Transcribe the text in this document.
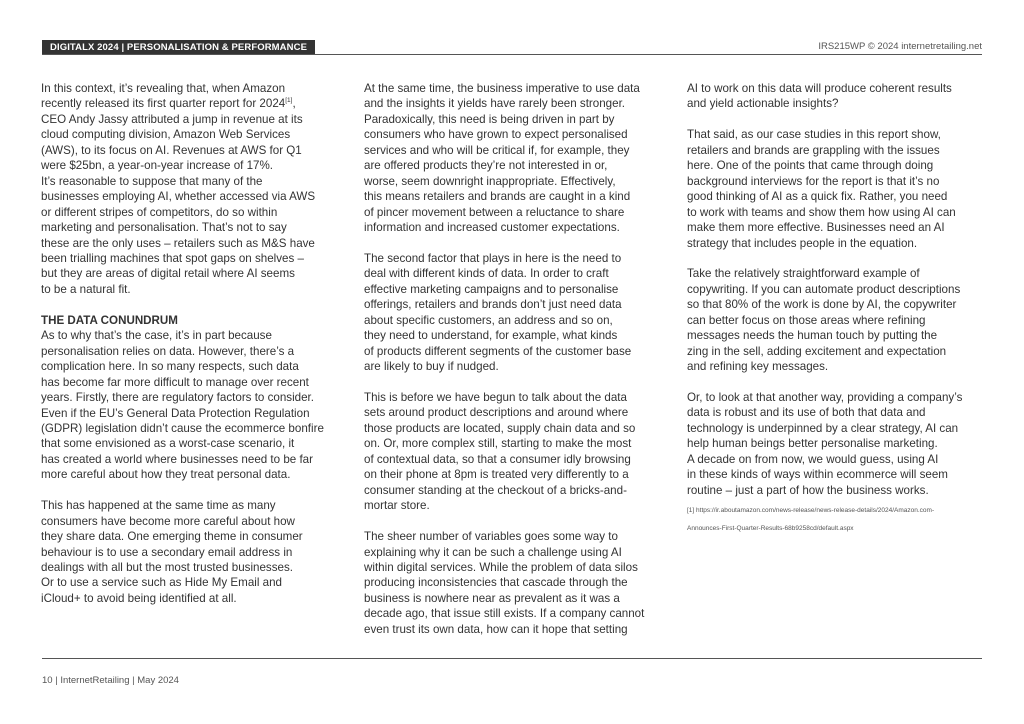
DIGITALX 2024 | PERSONALISATION & PERFORMANCE	IRS215WP © 2024 internetretailing.net
In this context, it’s revealing that, when Amazon
recently released its first quarter report for 2024[1],
CEO Andy Jassy attributed a jump in revenue at its
cloud computing division, Amazon Web Services
(AWS), to its focus on AI. Revenues at AWS for Q1
were $25bn, a year-on-year increase of 17%.
It’s reasonable to suppose that many of the
businesses employing AI, whether accessed via AWS
or different stripes of competitors, do so within
marketing and personalisation. That’s not to say
these are the only uses – retailers such as M&S have
been trialling machines that spot gaps on shelves –
but they are areas of digital retail where AI seems
to be a natural fit.
THE DATA CONUNDRUM
As to why that’s the case, it’s in part because
personalisation relies on data. However, there’s a
complication here. In so many respects, such data
has become far more difficult to manage over recent
years. Firstly, there are regulatory factors to consider.
Even if the EU’s General Data Protection Regulation
(GDPR) legislation didn’t cause the ecommerce bonfire
that some envisioned as a worst-case scenario, it
has created a world where businesses need to be far
more careful about how they treat personal data.
This has happened at the same time as many
consumers have become more careful about how
they share data. One emerging theme in consumer
behaviour is to use a secondary email address in
dealings with all but the most trusted businesses.
Or to use a service such as Hide My Email and
iCloud+ to avoid being identified at all.
At the same time, the business imperative to use data
and the insights it yields have rarely been stronger.
Paradoxically, this need is being driven in part by
consumers who have grown to expect personalised
services and who will be critical if, for example, they
are offered products they’re not interested in or,
worse, seem downright inappropriate. Effectively,
this means retailers and brands are caught in a kind
of pincer movement between a reluctance to share
information and increased customer expectations.
The second factor that plays in here is the need to
deal with different kinds of data. In order to craft
effective marketing campaigns and to personalise
offerings, retailers and brands don’t just need data
about specific customers, an address and so on,
they need to understand, for example, what kinds
of products different segments of the customer base
are likely to buy if nudged.
This is before we have begun to talk about the data
sets around product descriptions and around where
those products are located, supply chain data and so
on. Or, more complex still, starting to make the most
of contextual data, so that a consumer idly browsing
on their phone at 8pm is treated very differently to a
consumer standing at the checkout of a bricks-and-
mortar store.
The sheer number of variables goes some way to
explaining why it can be such a challenge using AI
within digital services. While the problem of data silos
producing inconsistencies that cascade through the
business is nowhere near as prevalent as it was a
decade ago, that issue still exists. If a company cannot
even trust its own data, how can it hope that setting
AI to work on this data will produce coherent results
and yield actionable insights?
That said, as our case studies in this report show,
retailers and brands are grappling with the issues
here. One of the points that came through doing
background interviews for the report is that it’s no
good thinking of AI as a quick fix. Rather, you need
to work with teams and show them how using AI can
make them more effective. Businesses need an AI
strategy that includes people in the equation.
Take the relatively straightforward example of
copywriting. If you can automate product descriptions
so that 80% of the work is done by AI, the copywriter
can better focus on those areas where refining
messages needs the human touch by putting the
zing in the sell, adding excitement and expectation
and refining key messages.
Or, to look at that another way, providing a company’s
data is robust and its use of both that data and
technology is underpinned by a clear strategy, AI can
help human beings better personalise marketing.
A decade on from now, we would guess, using AI
in these kinds of ways within ecommerce will seem
routine – just a part of how the business works.
[1] https://ir.aboutamazon.com/news-release/news-release-details/2024/Amazon.com-
Announces-First-Quarter-Results-68b9258cd/default.aspx
10 | InternetRetailing | May 2024
